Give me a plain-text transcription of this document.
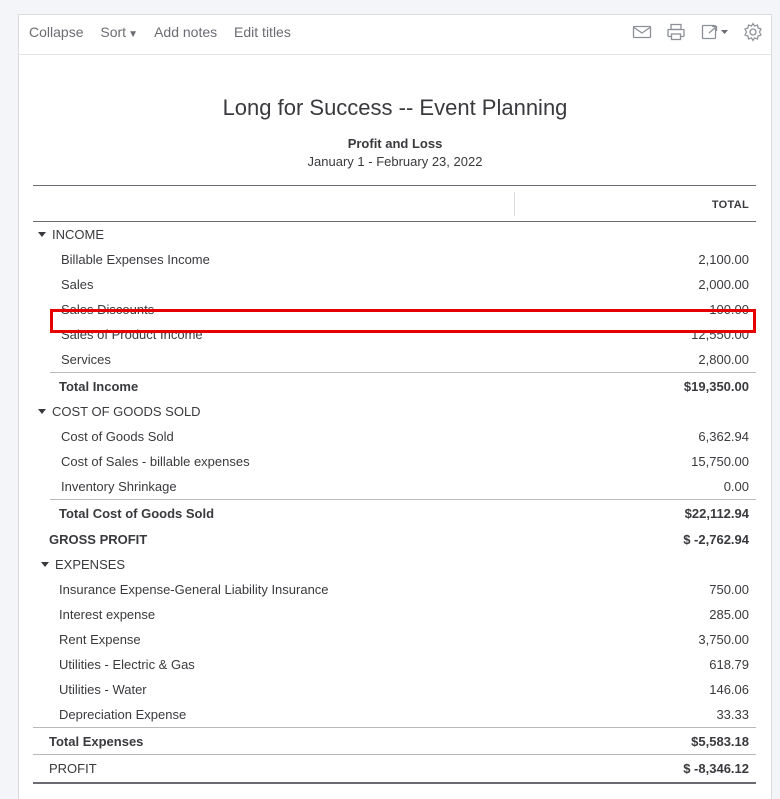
Collapse Sort ▼ Add notes Edit titles

Long for Success -- Event Planning
Profit and Loss
January 1 - February 23, 2022
TOTAL
INCOME
Billable Expenses Income	2,100.00
Sales	2,000.00
Sales Discounts	-100.00
Sales of Product Income	12,550.00
Services	2,800.00
Total Income	$19,350.00
COST OF GOODS SOLD
Cost of Goods Sold	6,362.94
Cost of Sales - billable expenses	15,750.00
Inventory Shrinkage	0.00
Total Cost of Goods Sold	$22,112.94
GROSS PROFIT	$ -2,762.94
EXPENSES
Insurance Expense-General Liability Insurance	750.00
Interest expense	285.00
Rent Expense	3,750.00
Utilities - Electric & Gas	618.79
Utilities - Water	146.06
Depreciation Expense	33.33
Total Expenses	$5,583.18
PROFIT	$ -8,346.12
